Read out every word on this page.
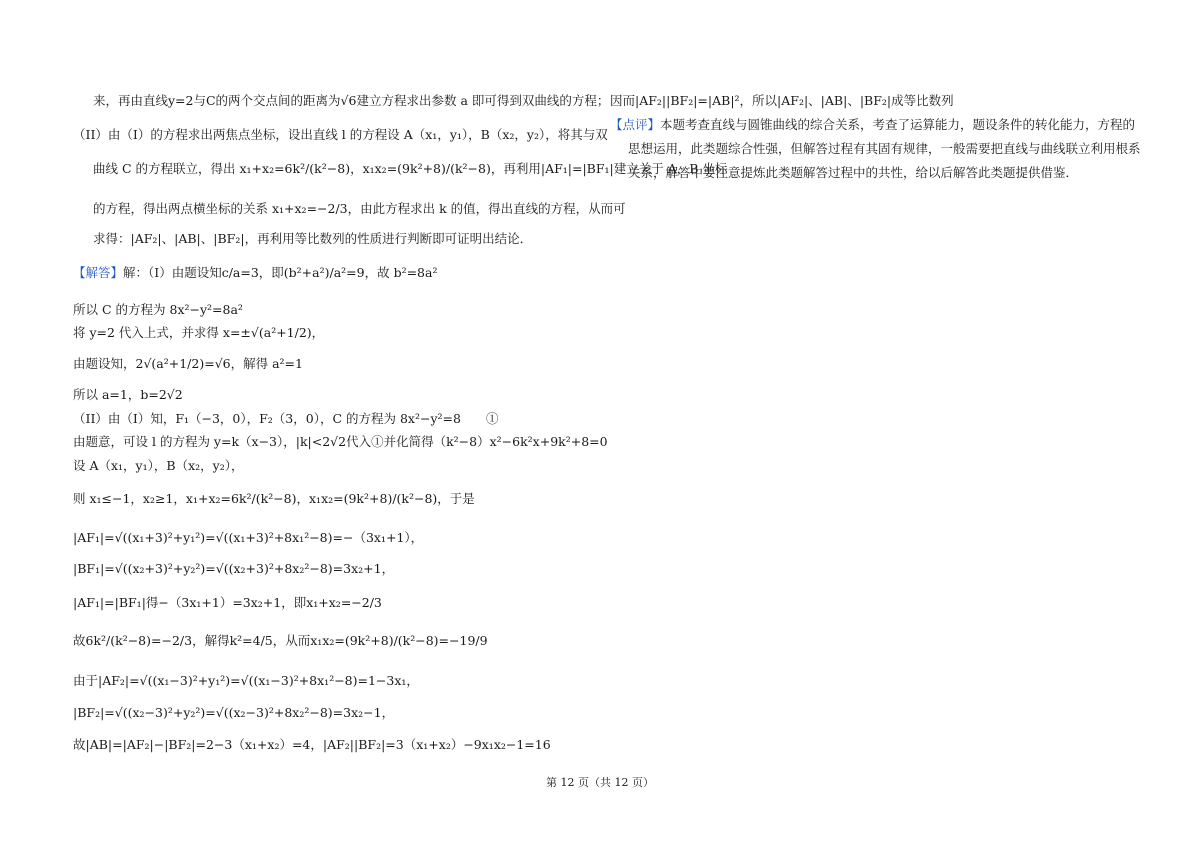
来，再由直线y=2与C的两个交点间的距离为√6建立方程求出参数 a 即可得到双曲线的方程；
（II）由（I）的方程求出两焦点坐标，设出直线 l 的方程设 A（x₁，y₁），B（x₂，y₂），将其与双
曲线 C 的方程联立，得出 x₁+x₂=6k²/(k²−8)，x₁x₂=(9k²+8)/(k²−8)，再利用|AF₁|=|BF₁|建立关于 A，B 坐标
的方程，得出两点横坐标的关系 x₁+x₂=−2/3，由此方程求出 k 的值，得出直线的方程，从而可
求得：|AF₂|、|AB|、|BF₂|，再利用等比数列的性质进行判断即可证明出结论．
【解答】解：（I）由题设知c/a=3，即(b²+a²)/a²=9，故 b²=8a²
所以 C 的方程为 8x²−y²=8a²
将 y=2 代入上式，并求得 x=±√(a²+1/2)，
由题设知，2√(a²+1/2)=√6，解得 a²=1
所以 a=1，b=2√2
（II）由（I）知，F₁（−3，0），F₂（3，0），C 的方程为 8x²−y²=8　　①
由题意，可设 l 的方程为 y=k（x−3），|k|<2√2代入①并化简得（k²−8）x²−6k²x+9k²+8=0
设 A（x₁，y₁），B（x₂，y₂），
则 x₁≤−1，x₂≥1，x₁+x₂=6k²/(k²−8)，x₁x₂=(9k²+8)/(k²−8)，于是
|AF₁|=√((x₁+3)²+y₁²)=√((x₁+3)²+8x₁²−8)=−（3x₁+1），
|BF₁|=√((x₂+3)²+y₂²)=√((x₂+3)²+8x₂²−8)=3x₂+1，
|AF₁|=|BF₁|得−（3x₁+1）=3x₂+1，即x₁+x₂=−2/3
故6k²/(k²−8)=−2/3，解得k²=4/5，从而x₁x₂=(9k²+8)/(k²−8)=−19/9
由于|AF₂|=√((x₁−3)²+y₁²)=√((x₁−3)²+8x₁²−8)=1−3x₁，
|BF₂|=√((x₂−3)²+y₂²)=√((x₂−3)²+8x₂²−8)=3x₂−1，
故|AB|=|AF₂|−|BF₂|=2−3（x₁+x₂）=4，|AF₂||BF₂|=3（x₁+x₂）−9x₁x₂−1=16
因而|AF₂||BF₂|=|AB|²，所以|AF₂|、|AB|、|BF₂|成等比数列
【点评】本题考查直线与圆锥曲线的综合关系，考查了运算能力，题设条件的转化能力，方程的
思想运用，此类题综合性强，但解答过程有其固有规律，一般需要把直线与曲线联立利用根系
关系，解答中要注意提炼此类题解答过程中的共性，给以后解答此类题提供借鉴．
第 12 页（共 12 页）
